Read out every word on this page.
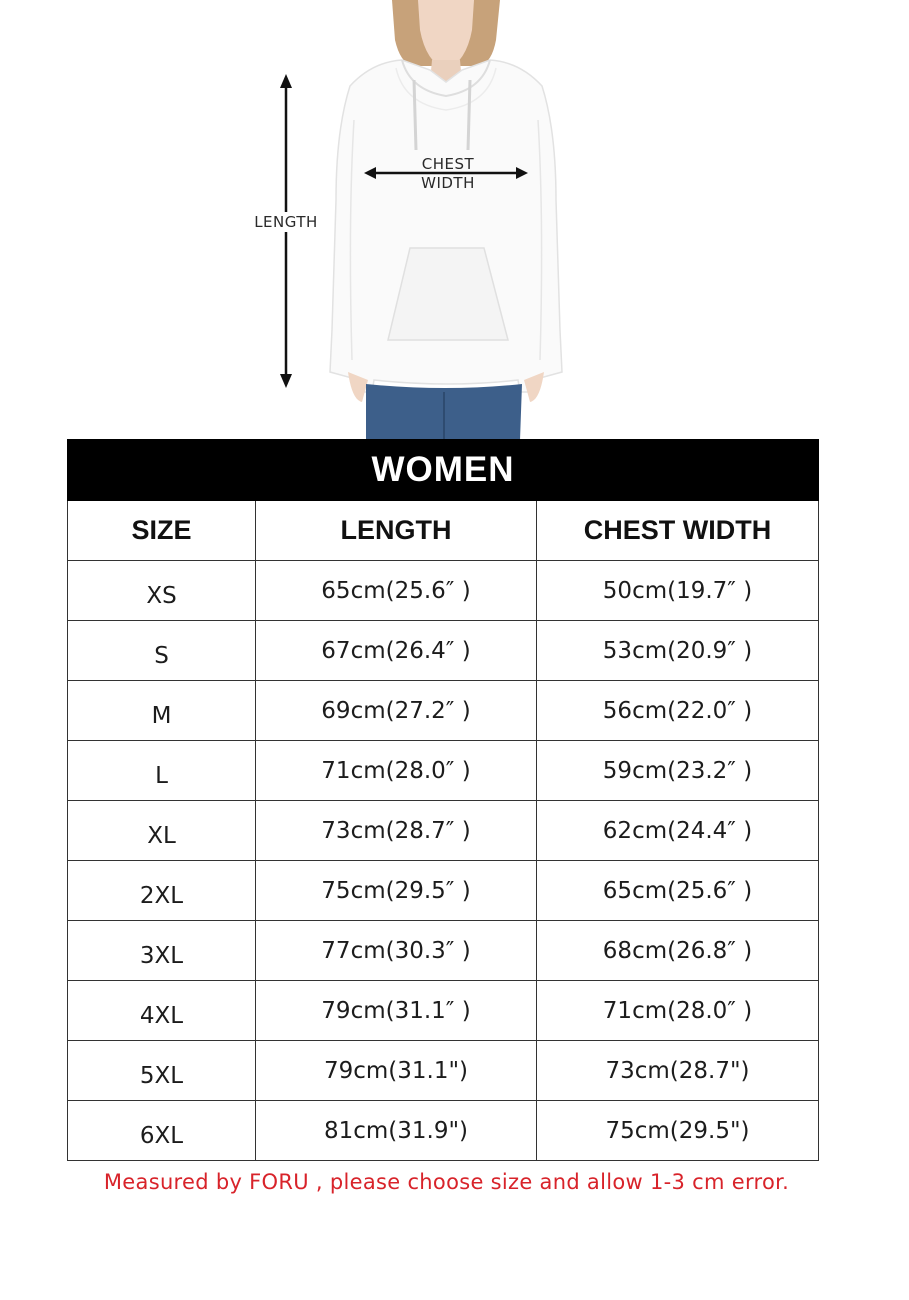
LENGTH
CHEST
WIDTH
WOMEN		
SIZE	LENGTH	CHEST WIDTH
XS	65cm(25.6″ )	50cm(19.7″ )
S	67cm(26.4″ )	53cm(20.9″ )
M	69cm(27.2″ )	56cm(22.0″ )
L	71cm(28.0″ )	59cm(23.2″ )
XL	73cm(28.7″ )	62cm(24.4″ )
2XL	75cm(29.5″ )	65cm(25.6″ )
3XL	77cm(30.3″ )	68cm(26.8″ )
4XL	79cm(31.1″ )	71cm(28.0″ )
5XL	79cm(31.1")	73cm(28.7")
6XL	81cm(31.9")	75cm(29.5")
Measured by FORU , please choose size and allow 1-3 cm error.
